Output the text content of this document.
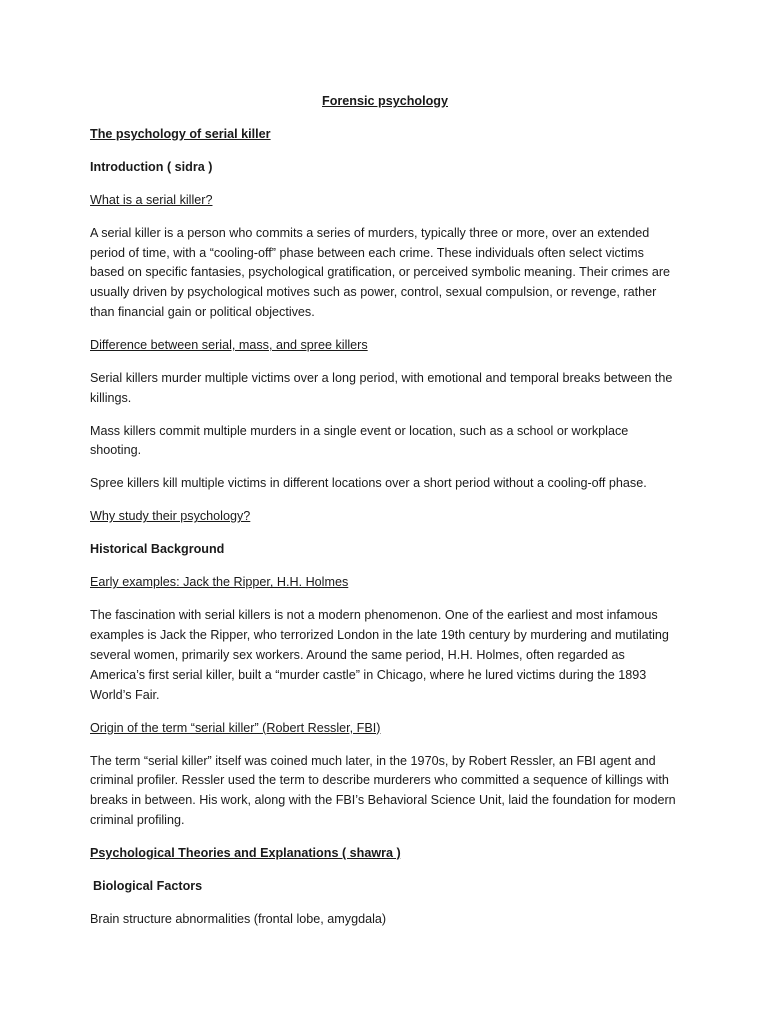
Forensic psychology
The psychology of serial killer
Introduction ( sidra )
What is a serial killer?
A serial killer is a person who commits a series of murders, typically three or more, over an extended period of time, with a “cooling-off” phase between each crime. These individuals often select victims based on specific fantasies, psychological gratification, or perceived symbolic meaning. Their crimes are usually driven by psychological motives such as power, control, sexual compulsion, or revenge, rather than financial gain or political objectives.
Difference between serial, mass, and spree killers
Serial killers murder multiple victims over a long period, with emotional and temporal breaks between the killings.
Mass killers commit multiple murders in a single event or location, such as a school or workplace shooting.
Spree killers kill multiple victims in different locations over a short period without a cooling-off phase.
Why study their psychology?
Historical Background
Early examples: Jack the Ripper, H.H. Holmes
The fascination with serial killers is not a modern phenomenon. One of the earliest and most infamous examples is Jack the Ripper, who terrorized London in the late 19th century by murdering and mutilating several women, primarily sex workers. Around the same period, H.H. Holmes, often regarded as America’s first serial killer, built a “murder castle” in Chicago, where he lured victims during the 1893 World’s Fair.
Origin of the term “serial killer” (Robert Ressler, FBI)
The term “serial killer” itself was coined much later, in the 1970s, by Robert Ressler, an FBI agent and criminal profiler. Ressler used the term to describe murderers who committed a sequence of killings with breaks in between. His work, along with the FBI’s Behavioral Science Unit, laid the foundation for modern criminal profiling.
Psychological Theories and Explanations ( shawra )
Biological Factors
Brain structure abnormalities (frontal lobe, amygdala)
